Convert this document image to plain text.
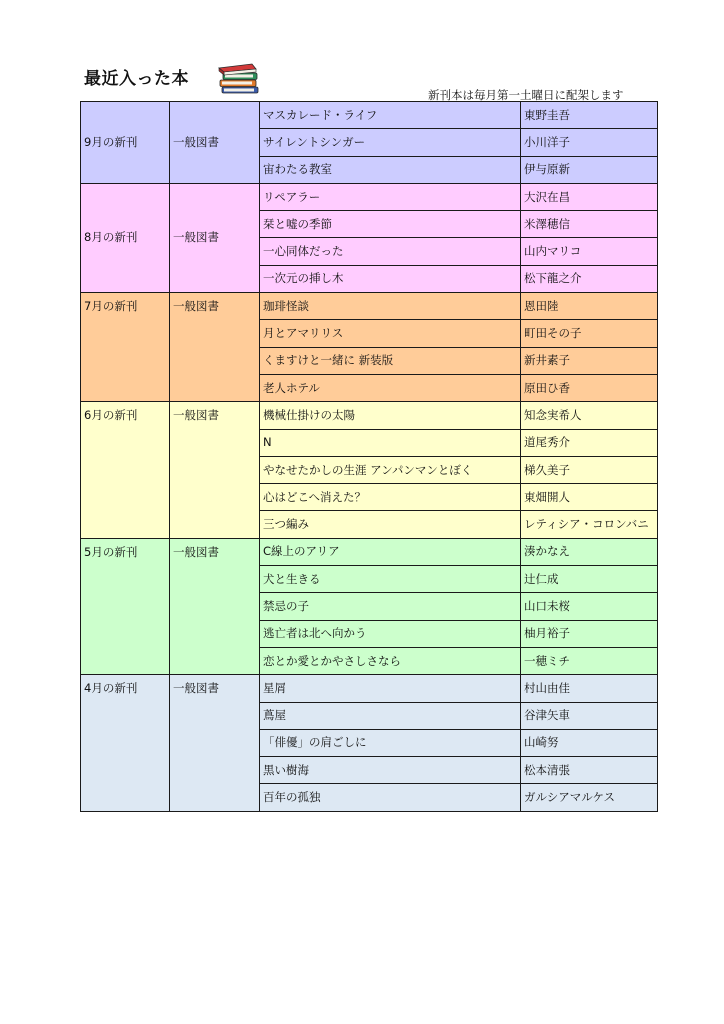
最近入った本
新刊本は毎月第一土曜日に配架します
9月の新刊	一般図書	マスカレード・ライフ	東野圭吾
		サイレントシンガー	小川洋子
		宙わたる教室	伊与原新
8月の新刊	一般図書	リペアラー	大沢在昌
		栞と嘘の季節	米澤穂信
		一心同体だった	山内マリコ
		一次元の挿し木	松下龍之介
7月の新刊	一般図書	珈琲怪談	恩田陸
		月とアマリリス	町田その子
		くますけと一緒に 新装版	新井素子
		老人ホテル	原田ひ香
6月の新刊	一般図書	機械仕掛けの太陽	知念実希人
		N	道尾秀介
		やなせたかしの生涯 アンパンマンとぼく	梯久美子
		心はどこへ消えた？	東畑開人
		三つ編み	レティシア・コロンバニ
5月の新刊	一般図書	C線上のアリア	湊かなえ
		犬と生きる	辻仁成
		禁忌の子	山口未桜
		逃亡者は北へ向かう	柚月裕子
		恋とか愛とかやさしさなら	一穂ミチ
4月の新刊	一般図書	星屑	村山由佳
		蔦屋	谷津矢車
		「俳優」の肩ごしに	山崎努
		黒い樹海	松本清張
		百年の孤独	ガルシアマルケス
